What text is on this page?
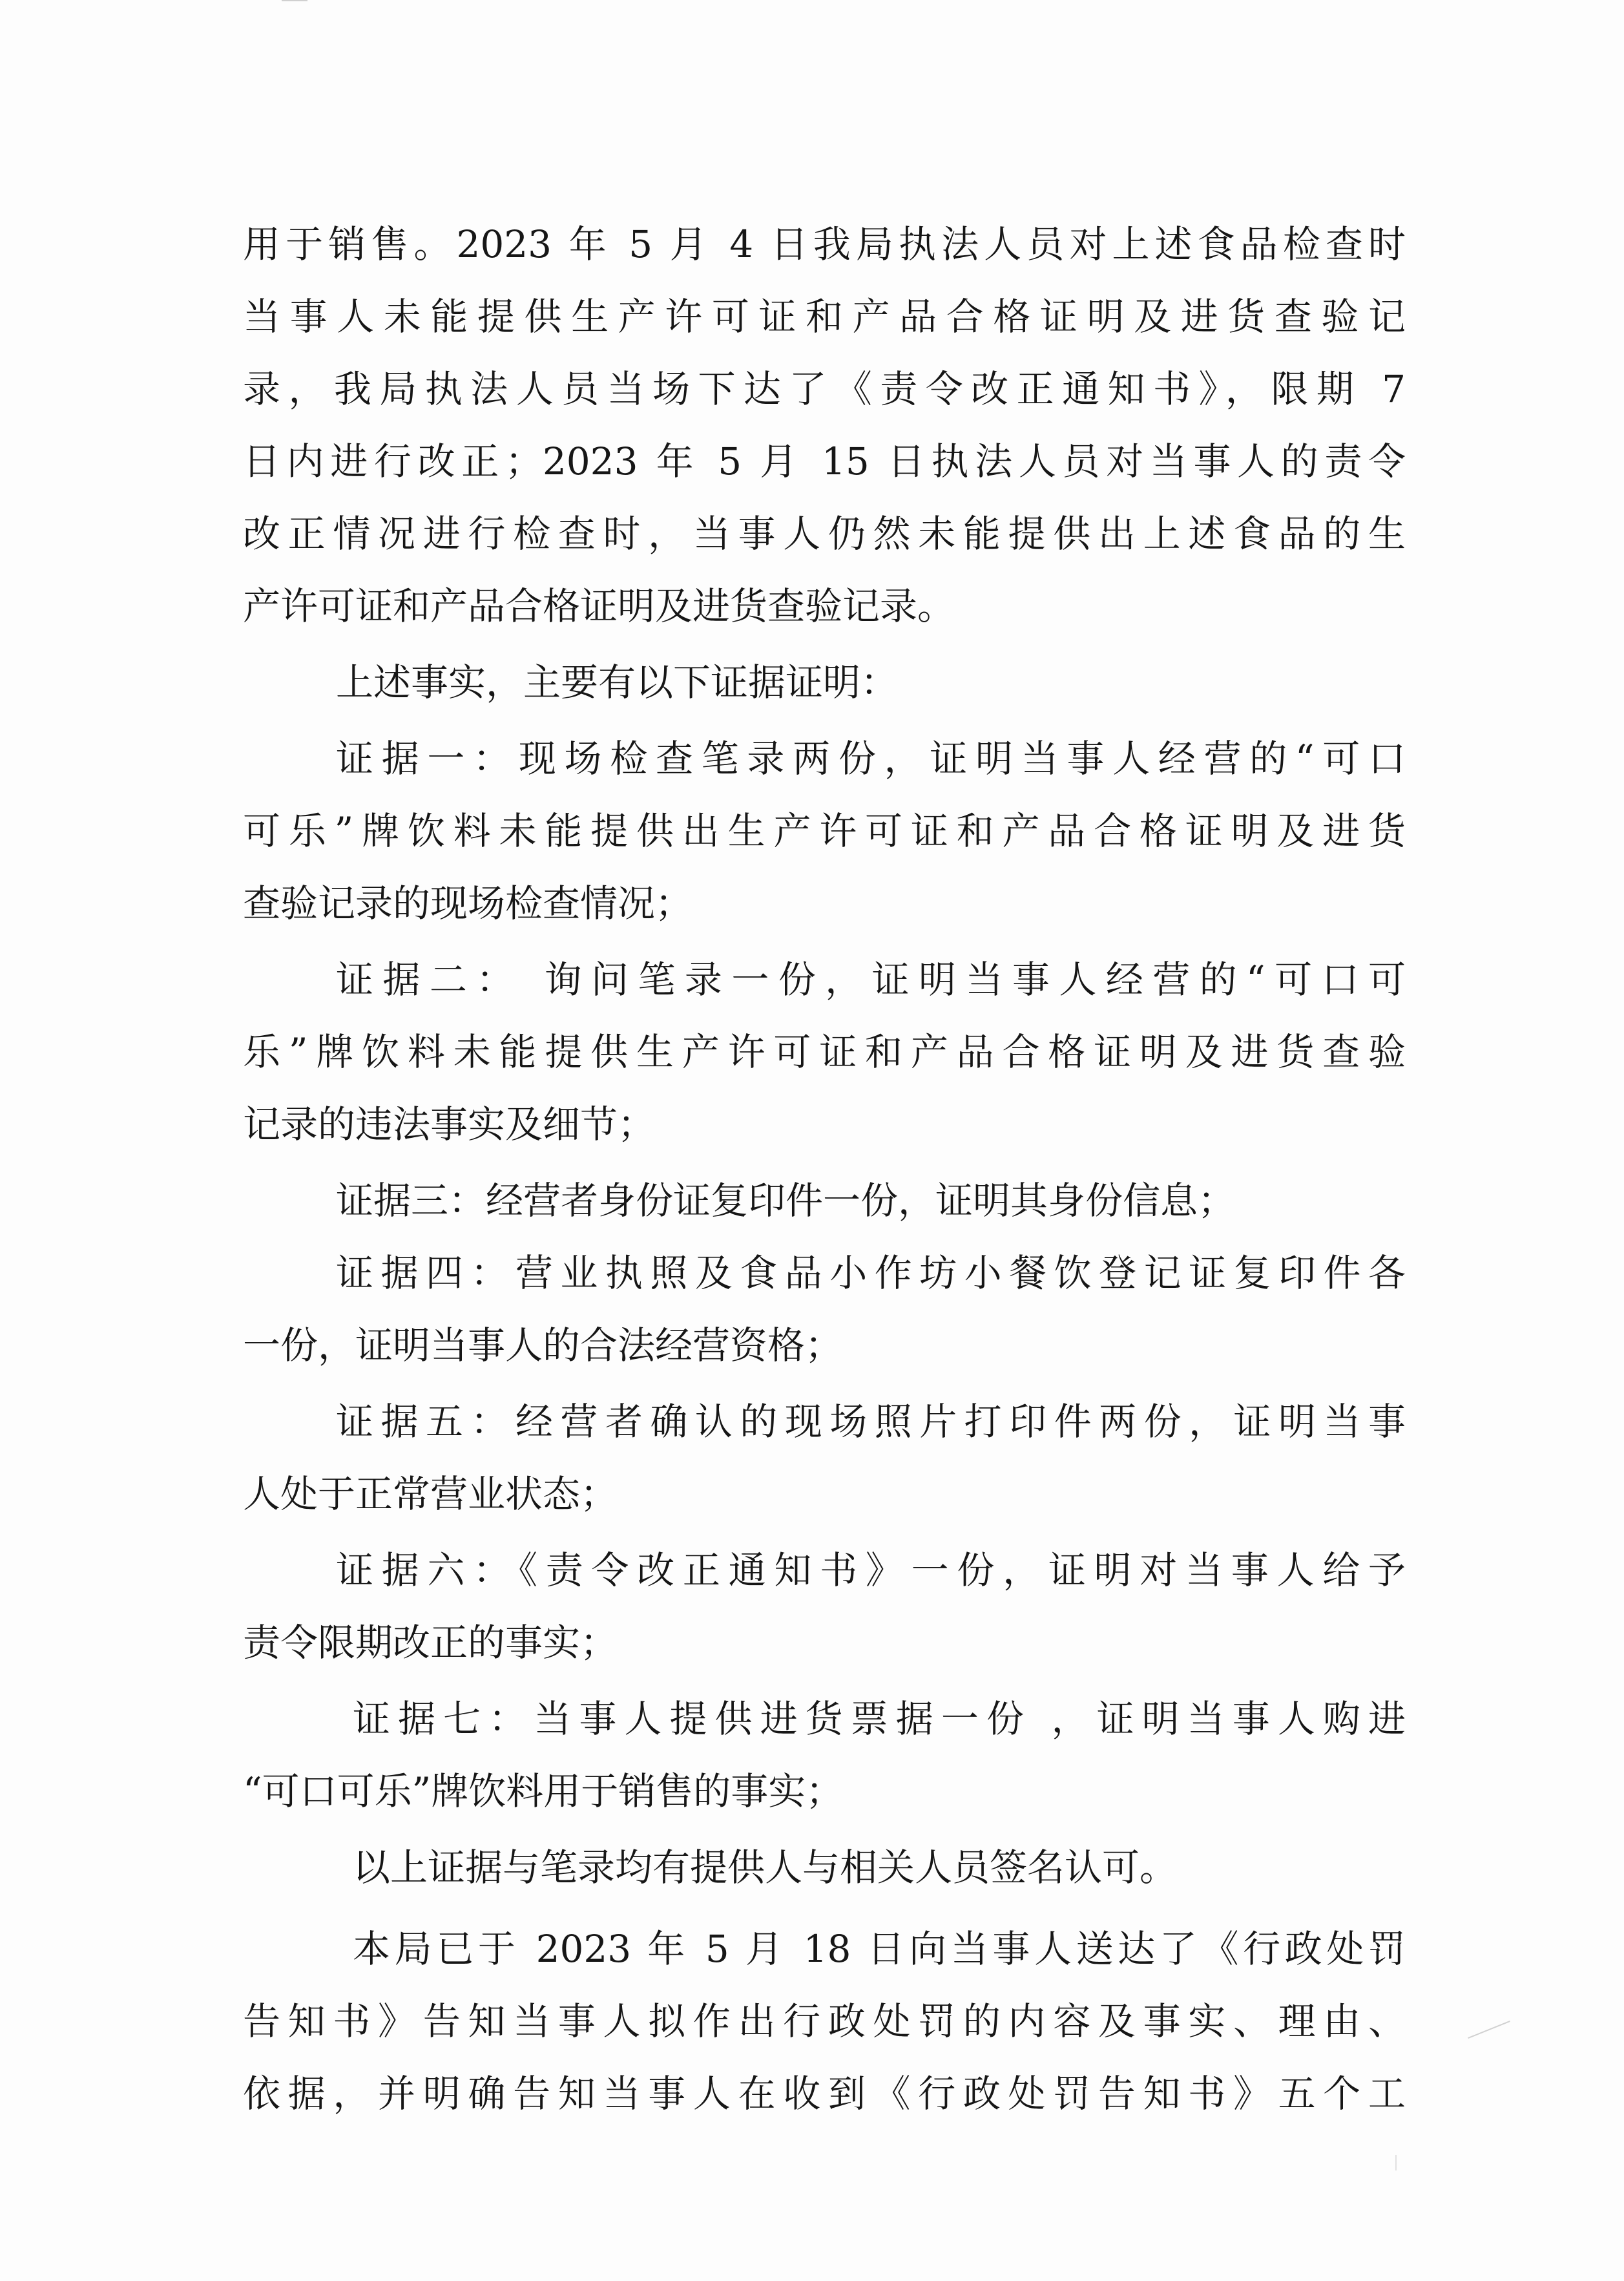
用于销售。2023 年 5 月 4 日我局执法人员对上述食品检查时
当事人未能提供生产许可证和产品合格证明及进货查验记
录，我局执法人员当场下达了《责令改正通知书》，限期 7
日内进行改正；2023 年 5 月 15 日执法人员对当事人的责令
改正情况进行检查时，当事人仍然未能提供出上述食品的生
产许可证和产品合格证明及进货查验记录。
上述事实，主要有以下证据证明：
证据一：现场检查笔录两份，证明当事人经营的“可口
可乐”牌饮料未能提供出生产许可证和产品合格证明及进货
查验记录的现场检查情况；
证据二： 询问笔录一份，证明当事人经营的“可口可
乐”牌饮料未能提供生产许可证和产品合格证明及进货查验
记录的违法事实及细节；
证据三：经营者身份证复印件一份，证明其身份信息；
证据四：营业执照及食品小作坊小餐饮登记证复印件各
一份，证明当事人的合法经营资格；
证据五：经营者确认的现场照片打印件两份，证明当事
人处于正常营业状态；
证据六：《责令改正通知书》一份，证明对当事人给予
责令限期改正的事实；
证据七：当事人提供进货票据一份 ，证明当事人购进
“可口可乐”牌饮料用于销售的事实；
以上证据与笔录均有提供人与相关人员签名认可。
本局已于 2023 年 5 月 18 日向当事人送达了《行政处罚
告知书》告知当事人拟作出行政处罚的内容及事实、理由、
依据，并明确告知当事人在收到《行政处罚告知书》五个工
